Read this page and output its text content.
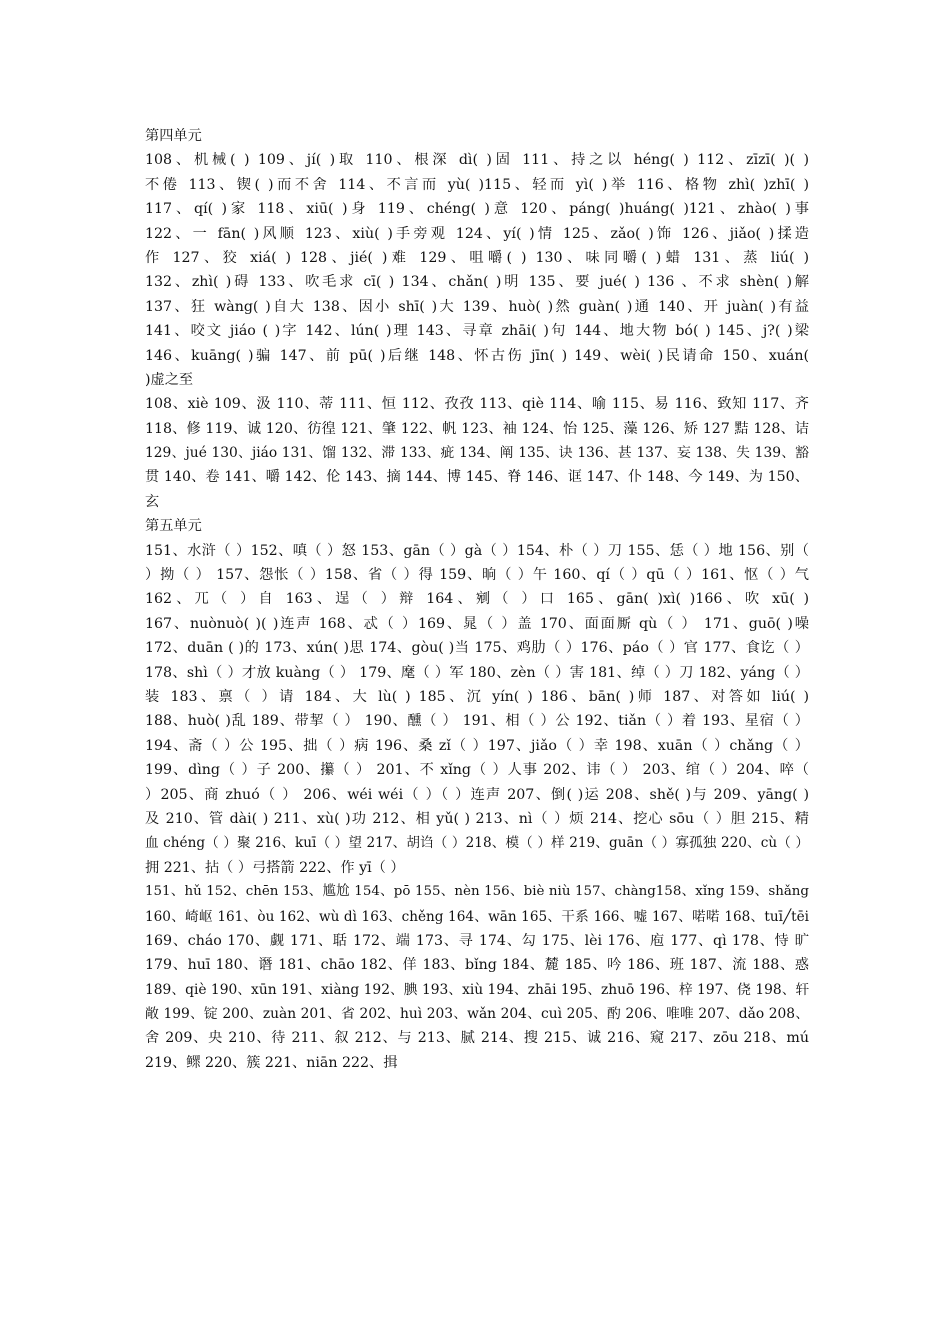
第四单元
108、机械( ) 109、jí( )取 110、根深 dì( )固 111、持之以 héng( ) 112、zīzī( )( )
不倦 113、锲( )而不舍 114、不言而 yù( )115、轻而 yì( )举 116、格物 zhì( )zhī( )
117、qí( )家 118、xiū( )身 119、chéng( )意 120、páng( )huáng( )121、zhào( )事
122、一 fān( )风顺 123、xiù( )手旁观 124、yí( )情 125、zǎo( )饰 126、jiǎo( )揉造
作 127、狡 xiá( ) 128、jié( )难 129、咀嚼( ) 130、味同嚼( )蜡 131、蒸 liú( )
132、zhì( )碍 133、吹毛求 cī( ) 134、chǎn( )明 135、要 jué( ) 136 、不求 shèn( )解
137、狂 wàng( )自大 138、因小 shī( )大 139、huò( )然 guàn( )通 140、开 juàn( )有益
141、咬文 jiáo ( )字 142、lún( )理 143、寻章 zhāi( )句 144、地大物 bó( ) 145、j?( )梁
146、kuāng( )骗 147、前 pū( )后继 148、怀古伤 jīn( ) 149、wèi( )民请命 150、xuán(
)虚之至
108、xiè 109、汲 110、蒂 111、恒 112、孜孜 113、qiè 114、喻 115、易 116、致知 117、齐
118、修 119、诚 120、彷徨 121、肇 122、帆 123、袖 124、怡 125、藻 126、矫 127 黠 128、诘
129、jué 130、jiáo 131、馏 132、滞 133、疵 134、阐 135、诀 136、甚 137、妄 138、失 139、豁
贯 140、卷 141、嚼 142、伦 143、摘 144、博 145、脊 146、诓 147、仆 148、今 149、为 150、
玄
第五单元
151、水浒（ ）152、嗔（ ）怒 153、gān（ ）gà（ ）154、朴（ ）刀 155、恁（ ）地 156、别（
）拗（ ） 157、怨怅（ ）158、省（ ）得 159、晌（ ）午 160、qí（ ）qū（ ）161、怄（ ）气
162、兀（ ）自 163、逞（ ）辩 164、剜（ ）口 165、gān( )xì( )166、吹 xū( )
167、nuònuò( )( )连声 168、忒（ ）169、晁（ ）盖 170、面面厮 qù（ ） 171、guō( )噪
172、duān ( )的 173、xún( )思 174、gòu( )当 175、鸡肋（ ）176、páo（ ）官 177、食讫（ ）
178、shì（ ）才放 kuàng（ ） 179、麾（ ）军 180、zèn（ ）害 181、绰（ ）刀 182、yáng（ ）
装 183、禀（ ）请 184、大 lù( ) 185、沉 yín( ) 186、bān( )师 187、对答如 liú( )
188、huò( )乱 189、带挈（ ） 190、醺（ ） 191、相（ ）公 192、tiǎn（ ）着 193、星宿（ ）
194、斋（ ）公 195、拙（ ）病 196、桑 zǐ（ ）197、jiǎo（ ）幸 198、xuān（ ）chǎng（ ）
199、dìng（ ）子 200、攥（ ） 201、不 xǐng（ ）人事 202、讳（ ） 203、绾（ ）204、啐（
）205、商 zhuó（ ） 206、wéi wéi（ ）（ ）连声 207、倒( )运 208、shě( )与 209、yāng( )
及 210、管 dài( ) 211、xù( )功 212、相 yǔ( ) 213、nì（ ）烦 214、挖心 sōu（ ）胆 215、精
血 chéng（ ）聚 216、kuī（ ）望 217、胡诌（ ）218、模（ ）样 219、guān（ ）寡孤独 220、cù（ ）
拥 221、拈（ ）弓搭箭 222、作 yī（ ）
151、hǔ 152、chēn 153、尴尬 154、pō 155、nèn 156、biè niù 157、chàng158、xǐng 159、shǎng
160、崎岖 161、òu 162、wù dì 163、chěng 164、wān 165、干系 166、嘘 167、喏喏 168、tuī╱tēi
169、cháo 170、觑 171、聒 172、端 173、寻 174、勾 175、lèi 176、庖 177、qì 178、恃 旷
179、huī 180、谮 181、chāo 182、佯 183、bǐng 184、麓 185、吟 186、班 187、流 188、惑
189、qiè 190、xūn 191、xiàng 192、腆 193、xiù 194、zhāi 195、zhuō 196、梓 197、侥 198、轩
敞 199、锭 200、zuàn 201、省 202、huì 203、wǎn 204、cuì 205、酌 206、唯唯 207、dǎo 208、
舍 209、央 210、待 211、叙 212、与 213、腻 214、搜 215、诚 216、窥 217、zōu 218、mú
219、鳏 220、簇 221、niān 222、揖
